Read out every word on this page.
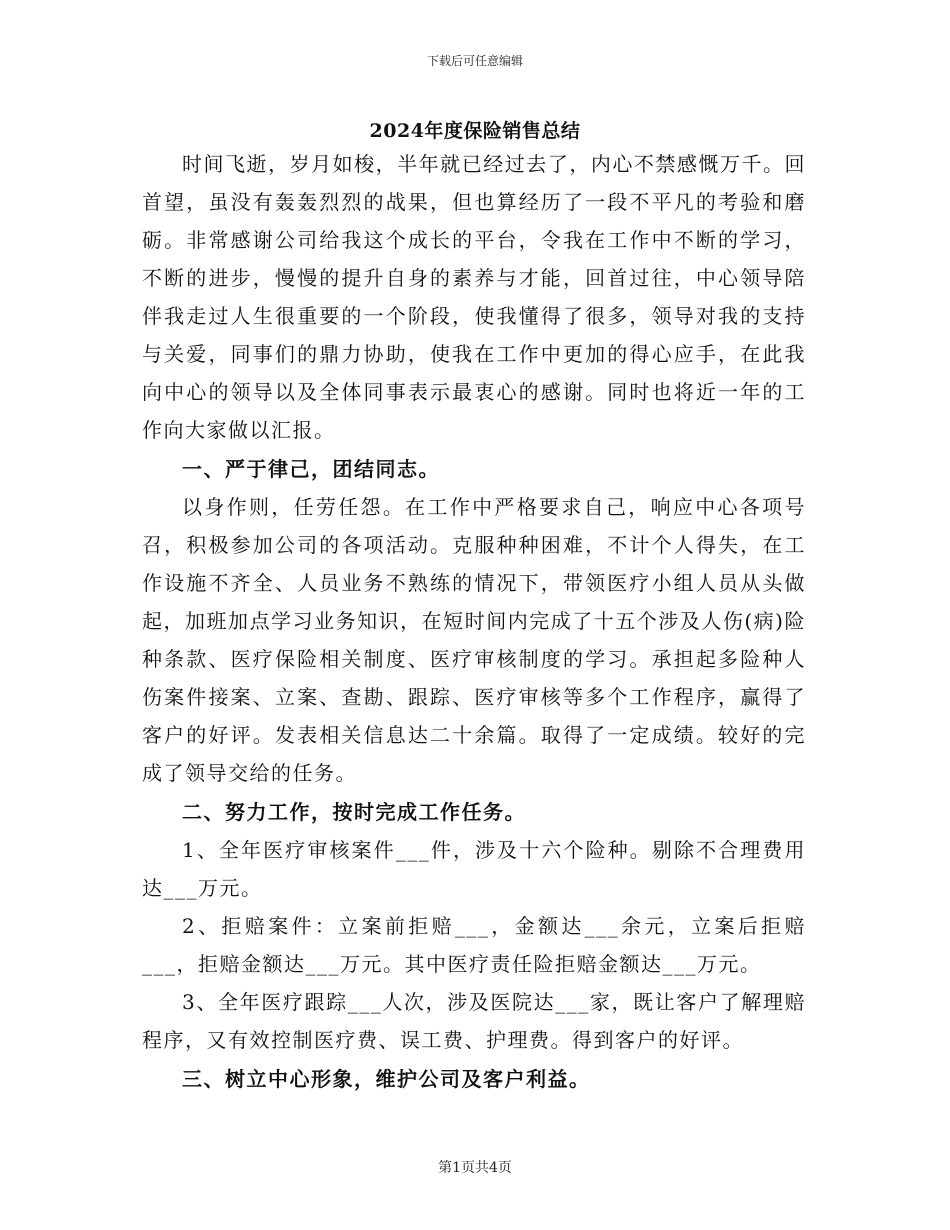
下载后可任意编辑
2024年度保险销售总结

时间飞逝，岁月如梭，半年就已经过去了，内心不禁感慨万千。回首望，虽没有轰轰烈烈的战果，但也算经历了一段不平凡的考验和磨砺。非常感谢公司给我这个成长的平台，令我在工作中不断的学习，不断的进步，慢慢的提升自身的素养与才能，回首过往，中心领导陪伴我走过人生很重要的一个阶段，使我懂得了很多，领导对我的支持与关爱，同事们的鼎力协助，使我在工作中更加的得心应手，在此我向中心的领导以及全体同事表示最衷心的感谢。同时也将近一年的工作向大家做以汇报。

一、严于律己，团结同志。

以身作则，任劳任怨。在工作中严格要求自己，响应中心各项号召，积极参加公司的各项活动。克服种种困难，不计个人得失，在工作设施不齐全、人员业务不熟练的情况下，带领医疗小组人员从头做起，加班加点学习业务知识，在短时间内完成了十五个涉及人伤(病)险种条款、医疗保险相关制度、医疗审核制度的学习。承担起多险种人伤案件接案、立案、查勘、跟踪、医疗审核等多个工作程序，赢得了客户的好评。发表相关信息达二十余篇。取得了一定成绩。较好的完成了领导交给的任务。

二、努力工作，按时完成工作任务。

1、全年医疗审核案件___件，涉及十六个险种。剔除不合理费用达___万元。

2、拒赔案件：立案前拒赔___，金额达___余元，立案后拒赔___，拒赔金额达___万元。其中医疗责任险拒赔金额达___万元。

3、全年医疗跟踪___人次，涉及医院达___家，既让客户了解理赔程序，又有效控制医疗费、误工费、护理费。得到客户的好评。

三、树立中心形象，维护公司及客户利益。

第1页共4页
